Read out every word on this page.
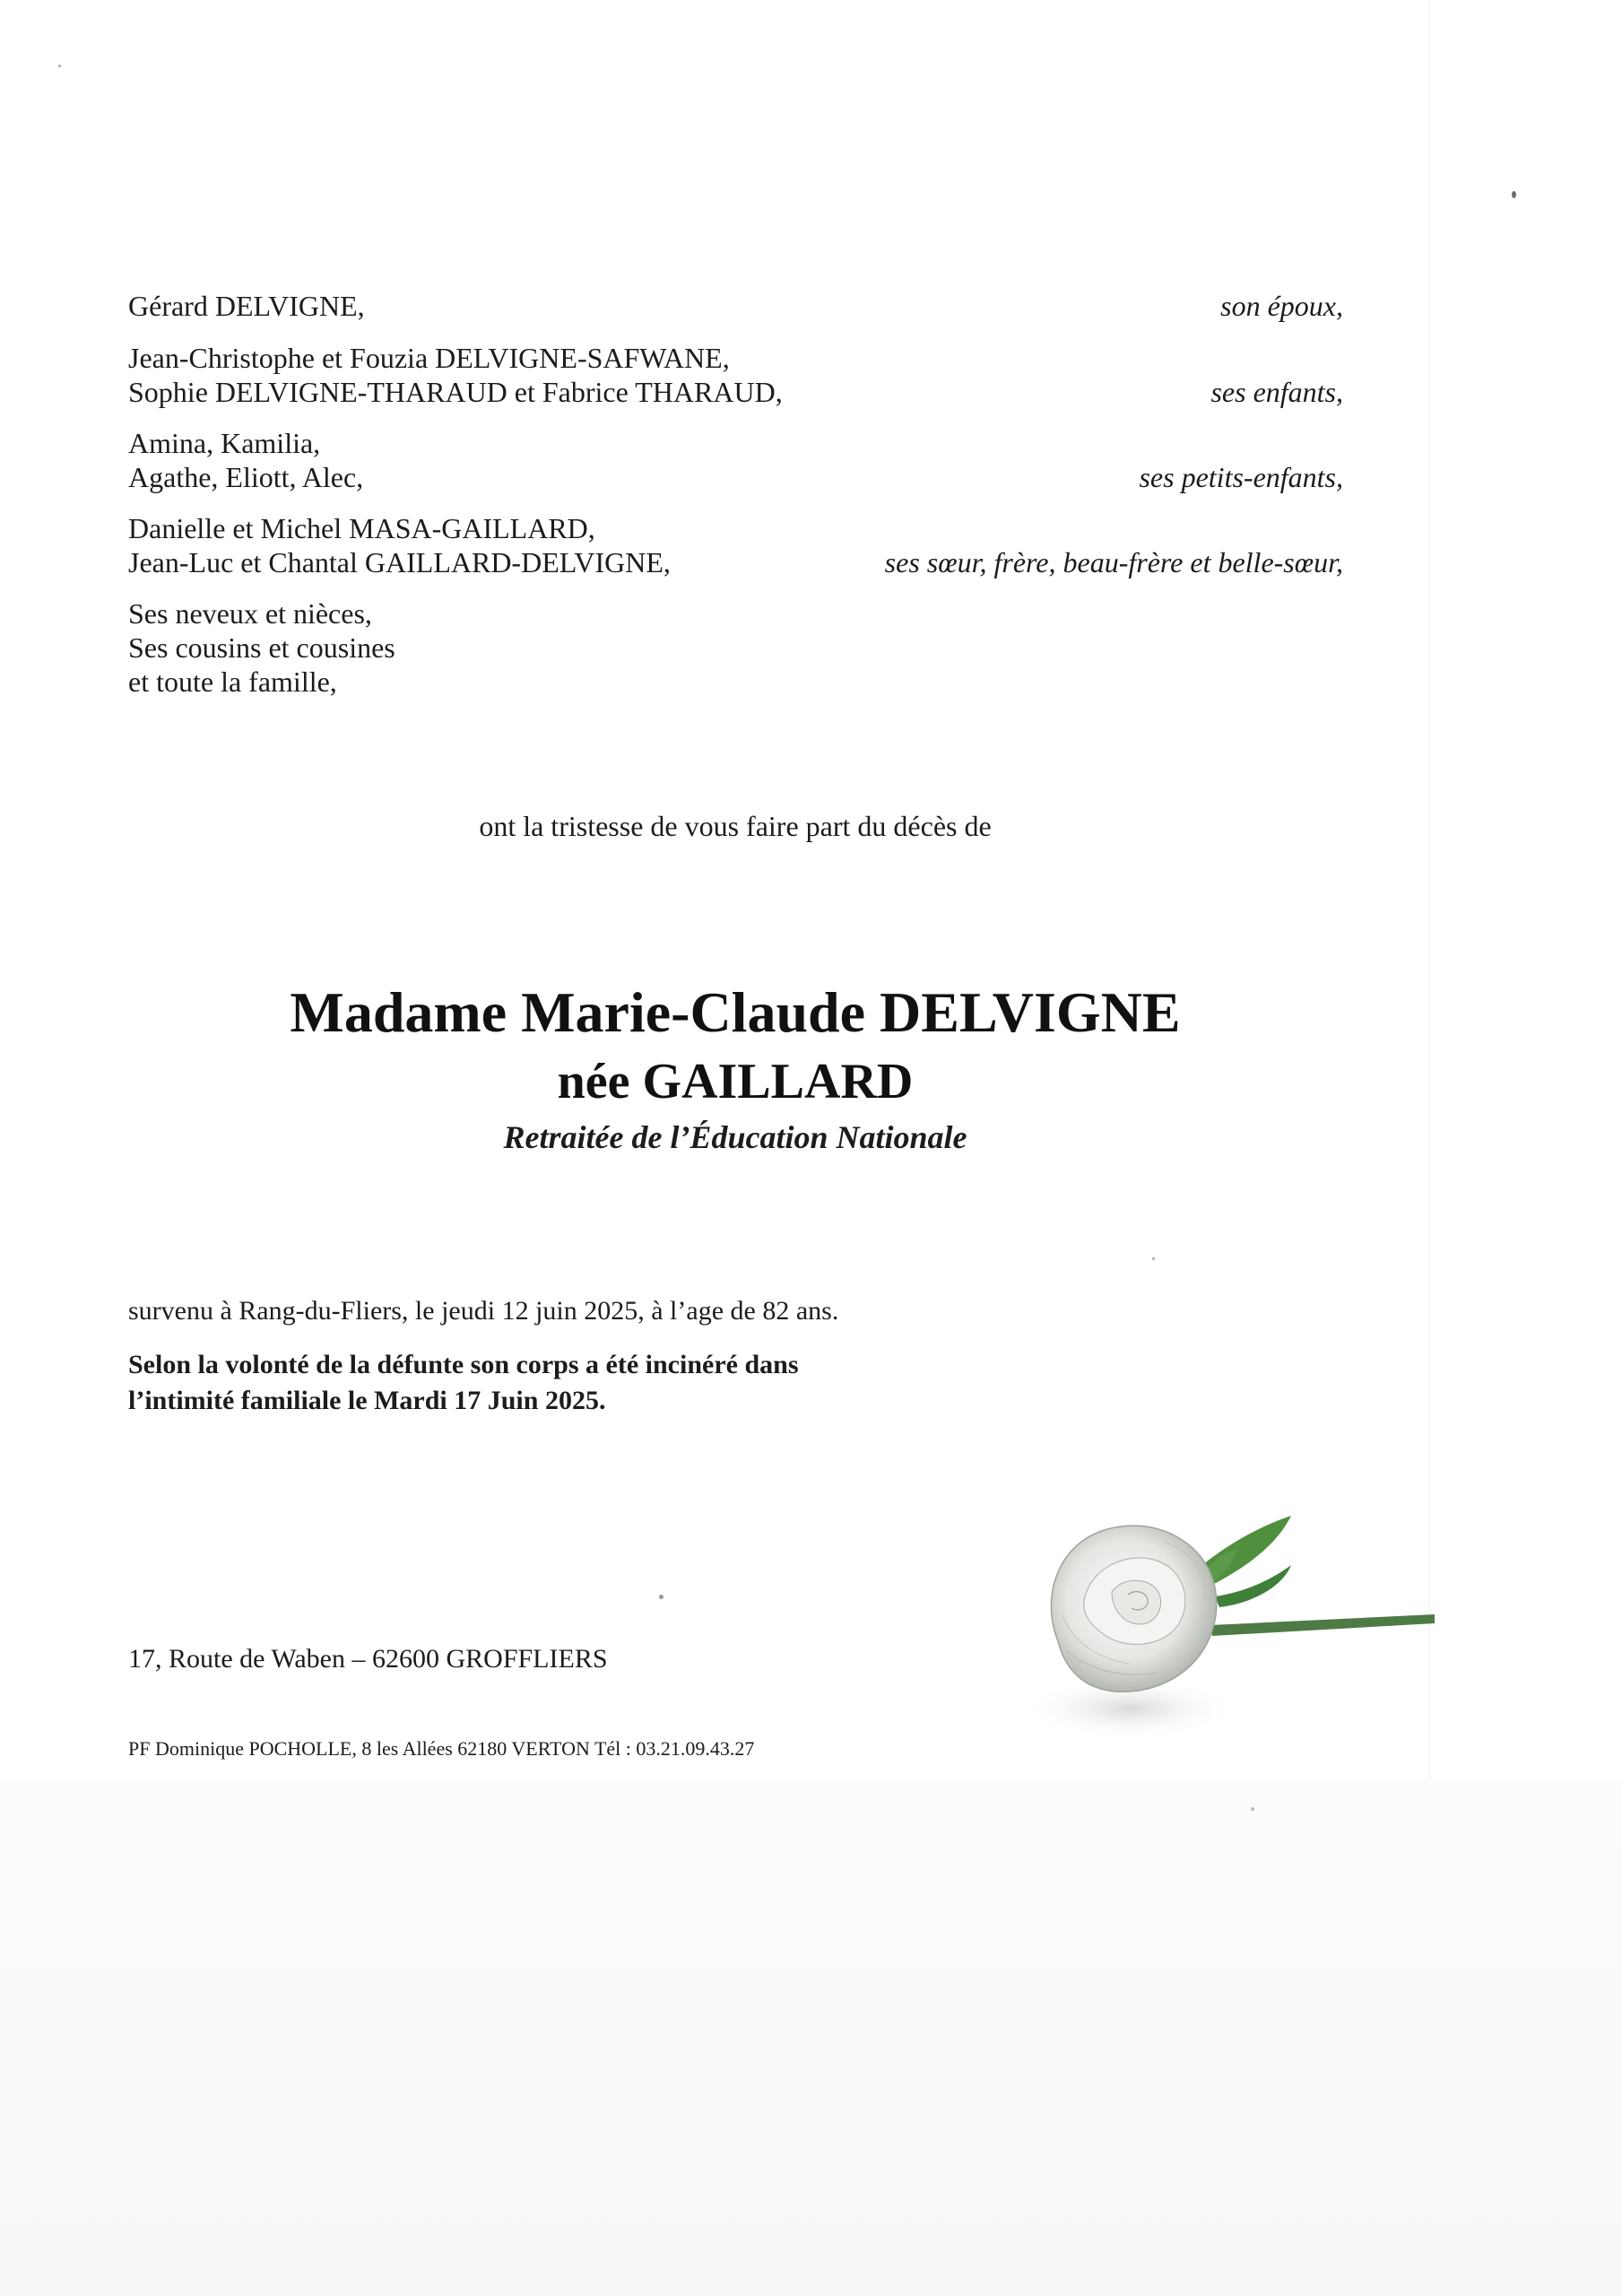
Gérard DELVIGNE,	son époux,
Jean-Christophe et Fouzia DELVIGNE-SAFWANE,
Sophie DELVIGNE-THARAUD et Fabrice THARAUD,	ses enfants,
Amina, Kamilia,
Agathe, Eliott, Alec,	ses petits-enfants,
Danielle et Michel MASA-GAILLARD,
Jean-Luc et Chantal GAILLARD-DELVIGNE,	ses sœur, frère, beau-frère et belle-sœur,
Ses neveux et nièces,
Ses cousins et cousines
et toute la famille,
ont la tristesse de vous faire part du décès de
Madame Marie-Claude DELVIGNE
née GAILLARD
Retraitée de l’Éducation Nationale
survenu à Rang-du-Fliers, le jeudi 12 juin 2025, à l’age de 82 ans.
Selon la volonté de la défunte son corps a été incinéré dans
l’intimité familiale le Mardi 17 Juin 2025.
17, Route de Waben – 62600 GROFFLIERS
PF Dominique POCHOLLE, 8 les Allées 62180 VERTON Tél : 03.21.09.43.27
